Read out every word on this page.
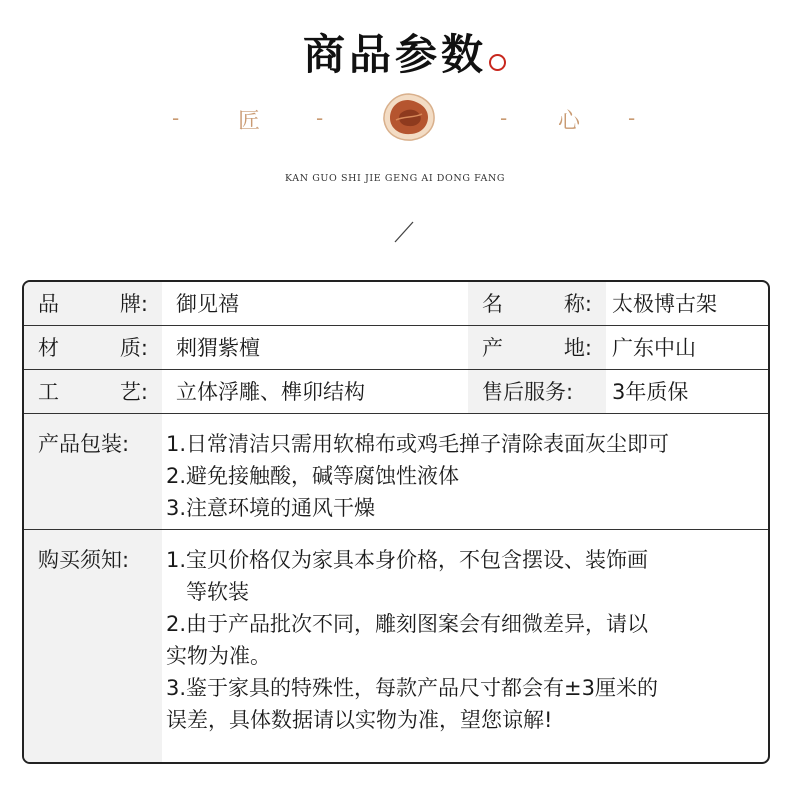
商品参数
-	匠	-	- 心 -
KAN GUO SHI JIE GENG AI DONG FANG
品	牌:	御见禧	名	称: 太极博古架
材	质:	刺猬紫檀	产	地: 广东中山
工	艺:	立体浮雕、榫卯结构	售后服务:	3年质保
产品包装:	1.日常清洁只需用软棉布或鸡毛掸子清除表面灰尘即可
2.避免接触酸，碱等腐蚀性液体
3.注意环境的通风干燥
购买须知:	1.宝贝价格仅为家具本身价格，不包含摆设、装饰画
等软装
2.由于产品批次不同，雕刻图案会有细微差异，请以
实物为准。
3.鉴于家具的特殊性，每款产品尺寸都会有±3厘米的
误差，具体数据请以实物为准，望您谅解!
